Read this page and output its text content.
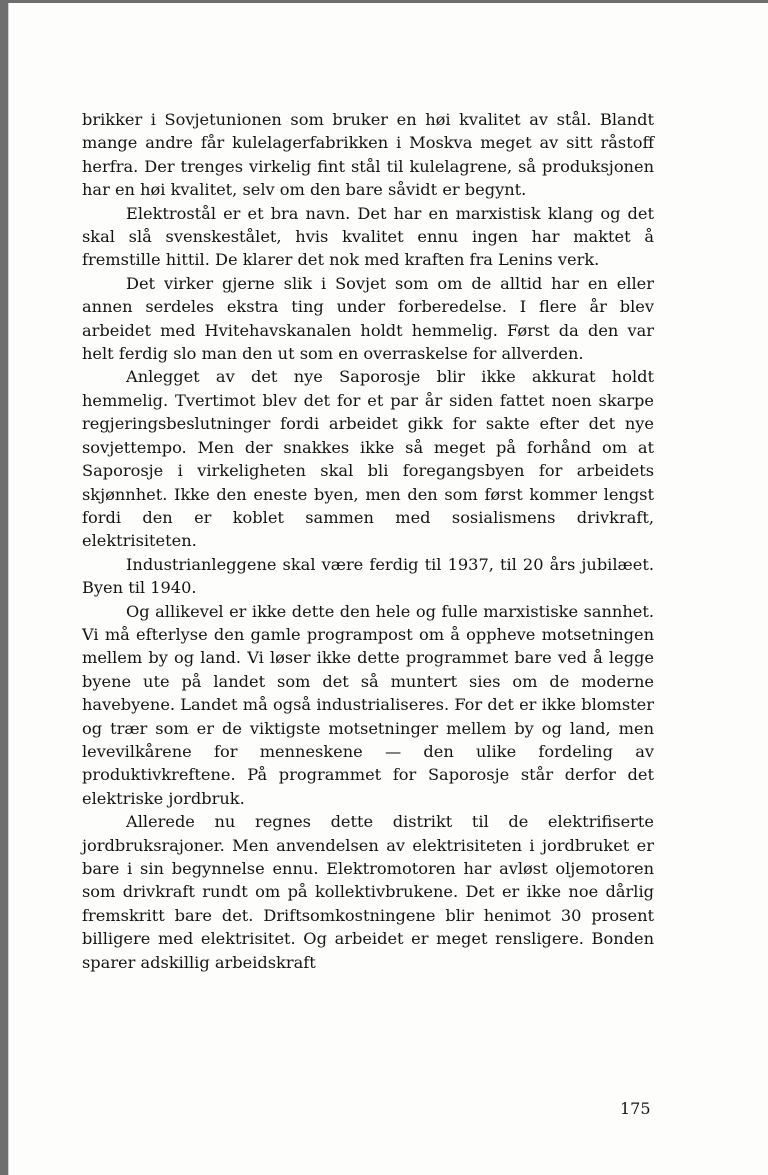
brikker i Sovjetunionen som bruker en høi kvalitet av stål. Blandt mange andre får kulelagerfabrikken i Moskva meget av sitt råstoff herfra. Der trenges virkelig fint stål til kulelagrene, så produksjonen har en høi kvalitet, selv om den bare såvidt er begynt.

Elektrostål er et bra navn. Det har en marxistisk klang og det skal slå svenskestålet, hvis kvalitet ennu ingen har maktet å fremstille hittil. De klarer det nok med kraften fra Lenins verk.

Det virker gjerne slik i Sovjet som om de alltid har en eller annen serdeles ekstra ting under forberedelse. I flere år blev arbeidet med Hvitehavskanalen holdt hemmelig. Først da den var helt ferdig slo man den ut som en overraskelse for allverden.

Anlegget av det nye Saporosje blir ikke akkurat holdt hemmelig. Tvertimot blev det for et par år siden fattet noen skarpe regjeringsbeslutninger fordi arbeidet gikk for sakte efter det nye sovjettempo. Men der snakkes ikke så meget på forhånd om at Saporosje i virkeligheten skal bli foregangsbyen for arbeidets skjønnhet. Ikke den eneste byen, men den som først kommer lengst fordi den er koblet sammen med sosialismens drivkraft, elektrisiteten.

Industrianleggene skal være ferdig til 1937, til 20 års jubilæet. Byen til 1940.

Og allikevel er ikke dette den hele og fulle marxistiske sannhet. Vi må efterlyse den gamle programpost om å oppheve motsetningen mellem by og land. Vi løser ikke dette programmet bare ved å legge byene ute på landet som det så muntert sies om de moderne havebyene. Landet må også industrialiseres. For det er ikke blomster og trær som er de viktigste motsetninger mellem by og land, men levevilkårene for menneskene — den ulike fordeling av produktivkreftene. På programmet for Saporosje står derfor det elektriske jordbruk.

Allerede nu regnes dette distrikt til de elektrifiserte jordbruksrajoner. Men anvendelsen av elektrisiteten i jordbruket er bare i sin begynnelse ennu. Elektromotoren har avløst oljemotoren som drivkraft rundt om på kollektivbrukene. Det er ikke noe dårlig fremskritt bare det. Driftsomkostningene blir henimot 30 prosent billigere med elektrisitet. Og arbeidet er meget rensligere. Bonden sparer adskillig arbeidskraft

175
